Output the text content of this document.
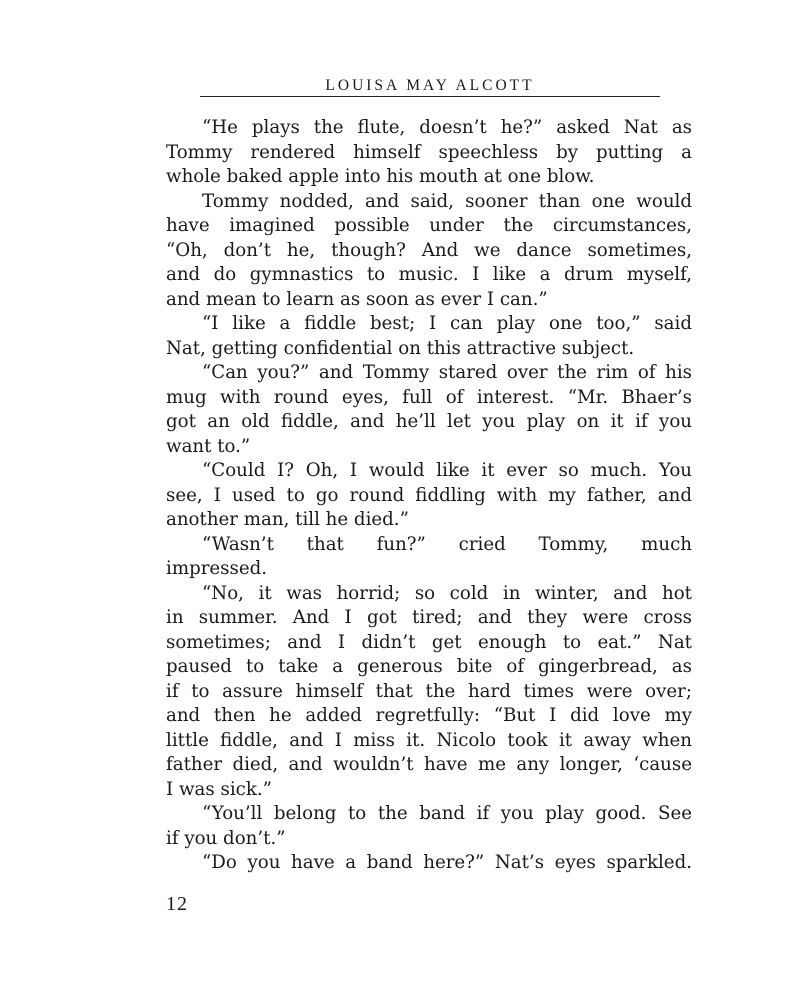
LOUISA MAY ALCOTT
“He plays the flute, doesn’t he?” asked Nat as
Tommy rendered himself speechless by putting a
whole baked apple into his mouth at one blow.
Tommy nodded, and said, sooner than one would
have imagined possible under the circumstances,
“Oh, don’t he, though? And we dance sometimes,
and do gymnastics to music. I like a drum myself,
and mean to learn as soon as ever I can.”
“I like a fiddle best; I can play one too,” said
Nat, getting confidential on this attractive subject.
“Can you?” and Tommy stared over the rim of his
mug with round eyes, full of interest. “Mr. Bhaer’s
got an old fiddle, and he’ll let you play on it if you
want to.”
“Could I? Oh, I would like it ever so much. You
see, I used to go round fiddling with my father, and
another man, till he died.”
“Wasn’t that fun?” cried Tommy, much
impressed.
“No, it was horrid; so cold in winter, and hot
in summer. And I got tired; and they were cross
sometimes; and I didn’t get enough to eat.” Nat
paused to take a generous bite of gingerbread, as
if to assure himself that the hard times were over;
and then he added regretfully: “But I did love my
little fiddle, and I miss it. Nicolo took it away when
father died, and wouldn’t have me any longer, ‘cause
I was sick.”
“You’ll belong to the band if you play good. See
if you don’t.”
“Do you have a band here?” Nat’s eyes sparkled.
12
